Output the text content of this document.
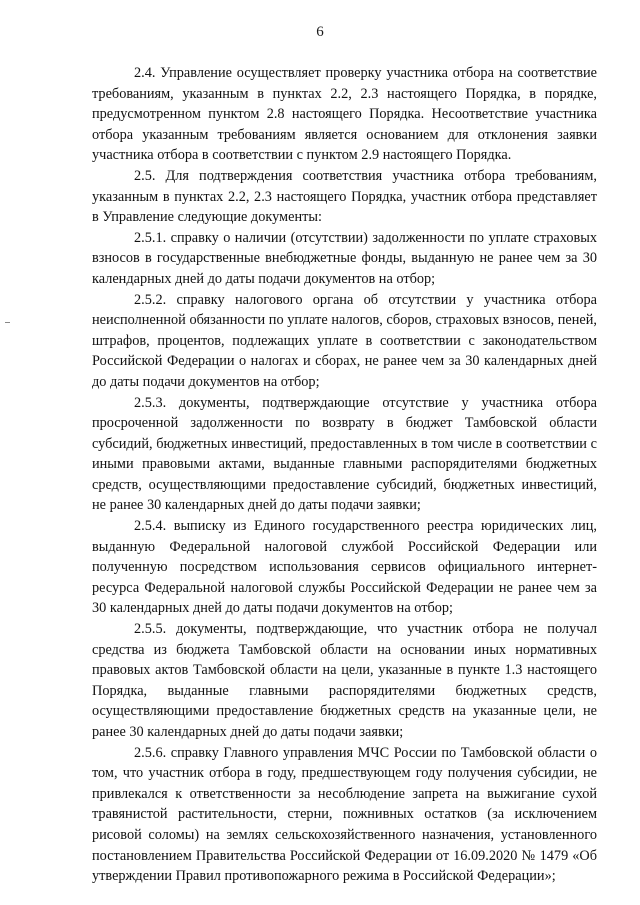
6

2.4. Управление осуществляет проверку участника отбора на соответствие требованиям, указанным в пунктах 2.2, 2.3 настоящего Порядка, в порядке, предусмотренном пунктом 2.8 настоящего Порядка. Несоответствие участника отбора указанным требованиям является основанием для отклонения заявки участника отбора в соответствии с пунктом 2.9 настоящего Порядка.

2.5. Для подтверждения соответствия участника отбора требованиям, указанным в пунктах 2.2, 2.3 настоящего Порядка, участник отбора представляет в Управление следующие документы:

2.5.1. справку о наличии (отсутствии) задолженности по уплате страховых взносов в государственные внебюджетные фонды, выданную не ранее чем за 30 календарных дней до даты подачи документов на отбор;

2.5.2. справку налогового органа об отсутствии у участника отбора неисполненной обязанности по уплате налогов, сборов, страховых взносов, пеней, штрафов, процентов, подлежащих уплате в соответствии с законодательством Российской Федерации о налогах и сборах, не ранее чем за 30 календарных дней до даты подачи документов на отбор;

2.5.3. документы, подтверждающие отсутствие у участника отбора просроченной задолженности по возврату в бюджет Тамбовской области субсидий, бюджетных инвестиций, предоставленных в том числе в соответствии с иными правовыми актами, выданные главными распорядителями бюджетных средств, осуществляющими предоставление субсидий, бюджетных инвестиций, не ранее 30 календарных дней до даты подачи заявки;

2.5.4. выписку из Единого государственного реестра юридических лиц, выданную Федеральной налоговой службой Российской Федерации или полученную посредством использования сервисов официального интернет-ресурса Федеральной налоговой службы Российской Федерации не ранее чем за 30 календарных дней до даты подачи документов на отбор;

2.5.5. документы, подтверждающие, что участник отбора не получал средства из бюджета Тамбовской области на основании иных нормативных правовых актов Тамбовской области на цели, указанные в пункте 1.3 настоящего Порядка, выданные главными распорядителями бюджетных средств, осуществляющими предоставление бюджетных средств на указанные цели, не ранее 30 календарных дней до даты подачи заявки;

2.5.6. справку Главного управления МЧС России по Тамбовской области о том, что участник отбора в году, предшествующем году получения субсидии, не привлекался к ответственности за несоблюдение запрета на выжигание сухой травянистой растительности, стерни, пожнивных остатков (за исключением рисовой соломы) на землях сельскохозяйственного назначения, установленного постановлением Правительства Российской Федерации от 16.09.2020 № 1479 «Об утверждении Правил противопожарного режима в Российской Федерации»;
